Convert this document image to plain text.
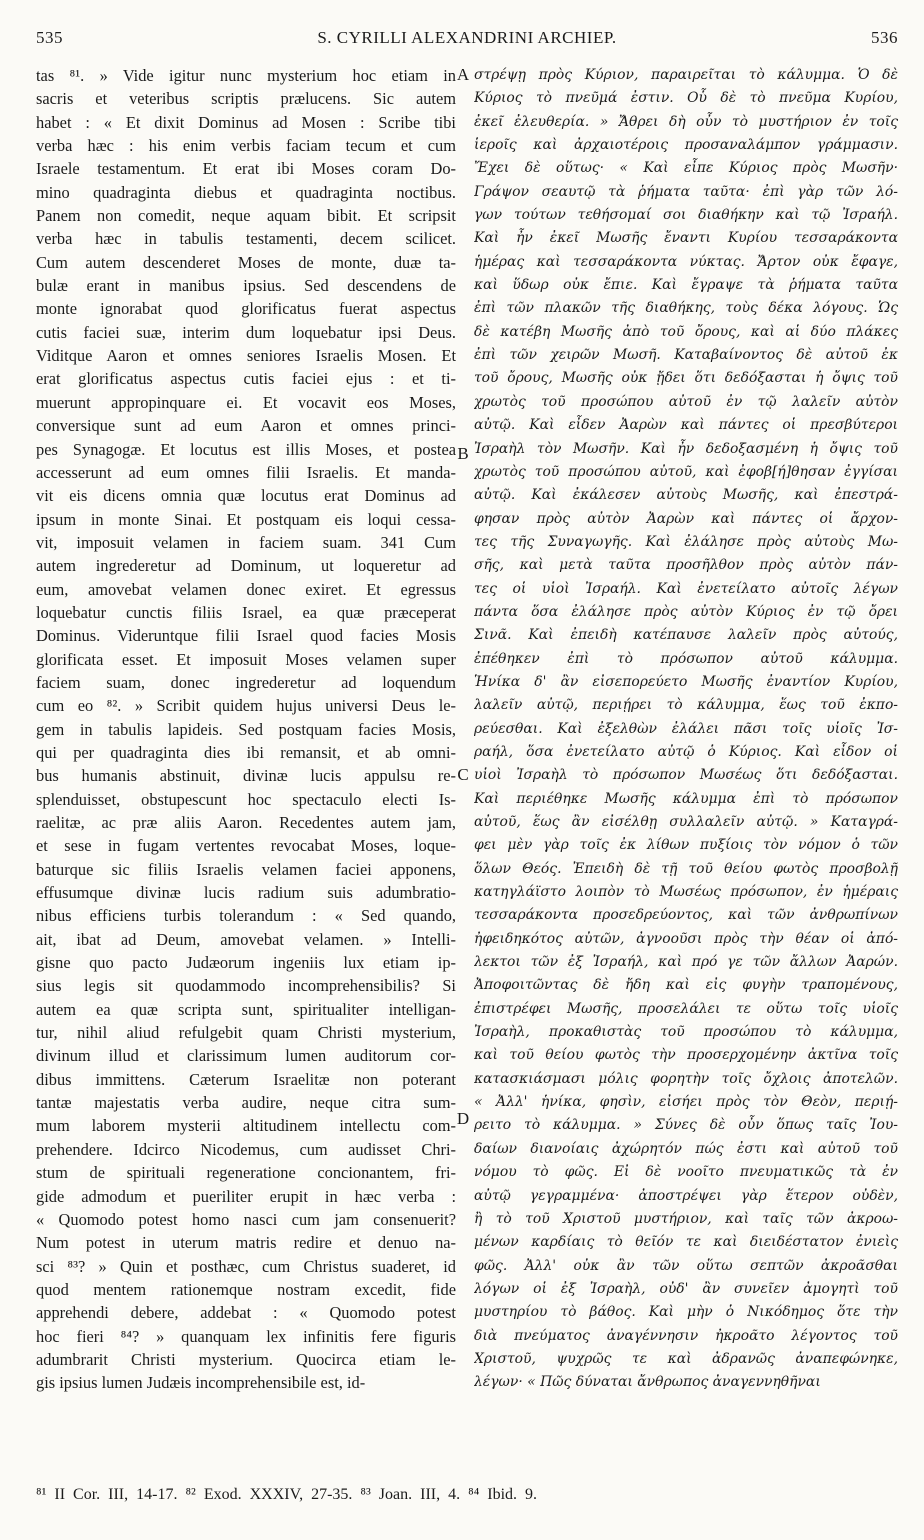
535	S. CYRILLI ALEXANDRINI ARCHIEP.	536
tas ⁸¹. » Vide igitur nunc mysterium hoc etiam in
sacris et veteribus scriptis prælucens. Sic autem
habet : « Et dixit Dominus ad Mosen : Scribe tibi
verba hæc : his enim verbis faciam tecum et cum
Israele testamentum. Et erat ibi Moses coram Do-
mino quadraginta diebus et quadraginta noctibus.
Panem non comedit, neque aquam bibit. Et scripsit
verba hæc in tabulis testamenti, decem scilicet.
Cum autem descenderet Moses de monte, duæ ta-
bulæ erant in manibus ipsius. Sed descendens de
monte ignorabat quod glorificatus fuerat aspectus
cutis faciei suæ, interim dum loquebatur ipsi Deus.
Viditque Aaron et omnes seniores Israelis Mosen. Et
erat glorificatus aspectus cutis faciei ejus : et ti-
muerunt appropinquare ei. Et vocavit eos Moses,
conversique sunt ad eum Aaron et omnes princi-
pes Synagogæ. Et locutus est illis Moses, et postea
accesserunt ad eum omnes filii Israelis. Et manda-
vit eis dicens omnia quæ locutus erat Dominus ad
ipsum in monte Sinai. Et postquam eis loqui cessa-
vit, imposuit velamen in faciem suam. 341 Cum
autem ingrederetur ad Dominum, ut loqueretur ad
eum, amovebat velamen donec exiret. Et egressus
loquebatur cunctis filiis Israel, ea quæ præceperat
Dominus. Videruntque filii Israel quod facies Mosis
glorificata esset. Et imposuit Moses velamen super
faciem suam, donec ingrederetur ad loquendum
cum eo ⁸². » Scribit quidem hujus universi Deus le-
gem in tabulis lapideis. Sed postquam facies Mosis,
qui per quadraginta dies ibi remansit, et ab omni-
bus humanis abstinuit, divinæ lucis appulsu re-
splenduisset, obstupescunt hoc spectaculo electi Is-
raelitæ, ac præ aliis Aaron. Recedentes autem jam,
et sese in fugam vertentes revocabat Moses, loque-
baturque sic filiis Israelis velamen faciei apponens,
effusumque divinæ lucis radium suis adumbratio-
nibus efficiens turbis tolerandum : « Sed quando,
ait, ibat ad Deum, amovebat velamen. » Intelli-
gisne quo pacto Judæorum ingeniis lux etiam ip-
sius legis sit quodammodo incomprehensibilis? Si
autem ea quæ scripta sunt, spiritualiter intelligan-
tur, nihil aliud refulgebit quam Christi mysterium,
divinum illud et clarissimum lumen auditorum cor-
dibus immittens. Cæterum Israelitæ non poterant
tantæ majestatis verba audire, neque citra sum-
mum laborem mysterii altitudinem intellectu com-
prehendere. Idcirco Nicodemus, cum audisset Chri-
stum de spirituali regeneratione concionantem, fri-
gide admodum et pueriliter erupit in hæc verba :
« Quomodo potest homo nasci cum jam consenuerit?
Num potest in uterum matris redire et denuo na-
sci ⁸³? » Quin et posthæc, cum Christus suaderet, id
quod mentem rationemque nostram excedit, fide
apprehendi debere, addebat : « Quomodo potest
hoc fieri ⁸⁴? » quanquam lex infinitis fere figuris
adumbrarit Christi mysterium. Quocirca etiam le-
gis ipsius lumen Judæis incomprehensibile est, id-
στρέψῃ πρὸς Κύριον, παραιρεῖται τὸ κάλυμμα. Ὁ δὲ
Κύριος τὸ πνεῦμά ἐστιν. Οὗ δὲ τὸ πνεῦμα Κυρίου,
ἐκεῖ ἐλευθερία. » Ἄθρει δὴ οὖν τὸ μυστήριον ἐν τοῖς
ἱεροῖς καὶ ἀρχαιοτέροις προσαναλάμπον γράμμασιν.
Ἔχει δὲ οὕτως· « Καὶ εἶπε Κύριος πρὸς Μωσῆν·
Γράψον σεαυτῷ τὰ ῥήματα ταῦτα· ἐπὶ γὰρ τῶν λό-
γων τούτων τεθήσομαί σοι διαθήκην καὶ τῷ Ἰσραήλ.
Καὶ ἦν ἐκεῖ Μωσῆς ἔναντι Κυρίου τεσσαράκοντα
ἡμέρας καὶ τεσσαράκοντα νύκτας. Ἄρτον οὐκ ἔφαγε,
καὶ ὕδωρ οὐκ ἔπιε. Καὶ ἔγραψε τὰ ῥήματα ταῦτα
ἐπὶ τῶν πλακῶν τῆς διαθήκης, τοὺς δέκα λόγους. Ὡς
δὲ κατέβη Μωσῆς ἀπὸ τοῦ ὄρους, καὶ αἱ δύο πλάκες
ἐπὶ τῶν χειρῶν Μωσῆ. Καταβαίνοντος δὲ αὐτοῦ ἐκ
τοῦ ὄρους, Μωσῆς οὐκ ᾔδει ὅτι δεδόξασται ἡ ὄψις τοῦ
χρωτὸς τοῦ προσώπου αὐτοῦ ἐν τῷ λαλεῖν αὐτὸν
αὐτῷ. Καὶ εἶδεν Ἀαρὼν καὶ πάντες οἱ πρεσβύτεροι
Ἰσραὴλ τὸν Μωσῆν. Καὶ ἦν δεδοξασμένη ἡ ὄψις τοῦ
χρωτὸς τοῦ προσώπου αὐτοῦ, καὶ ἐφοβ[ή]θησαν ἐγγίσαι
αὐτῷ. Καὶ ἐκάλεσεν αὐτοὺς Μωσῆς, καὶ ἐπεστρά-
φησαν πρὸς αὐτὸν Ἀαρὼν καὶ πάντες οἱ ἄρχον-
τες τῆς Συναγωγῆς. Καὶ ἐλάλησε πρὸς αὐτοὺς Μω-
σῆς, καὶ μετὰ ταῦτα προσῆλθον πρὸς αὐτὸν πάν-
τες οἱ υἱοὶ Ἰσραήλ. Καὶ ἐνετείλατο αὐτοῖς λέγων
πάντα ὅσα ἐλάλησε πρὸς αὐτὸν Κύριος ἐν τῷ ὄρει
Σινᾶ. Καὶ ἐπειδὴ κατέπαυσε λαλεῖν πρὸς αὐτούς,
ἐπέθηκεν ἐπὶ τὸ πρόσωπον αὐτοῦ κάλυμμα.
Ἡνίκα δ' ἂν εἰσεπορεύετο Μωσῆς ἐναντίον Κυρίου,
λαλεῖν αὐτῷ, περιῄρει τὸ κάλυμμα, ἕως τοῦ ἐκπο-
ρεύεσθαι. Καὶ ἐξελθὼν ἐλάλει πᾶσι τοῖς υἱοῖς Ἰσ-
ραήλ, ὅσα ἐνετείλατο αὐτῷ ὁ Κύριος. Καὶ εἶδον οἱ
υἱοὶ Ἰσραὴλ τὸ πρόσωπον Μωσέως ὅτι δεδόξασται.
Καὶ περιέθηκε Μωσῆς κάλυμμα ἐπὶ τὸ πρόσωπον
αὐτοῦ, ἕως ἂν εἰσέλθῃ συλλαλεῖν αὐτῷ. » Καταγρά-
φει μὲν γὰρ τοῖς ἐκ λίθων πυξίοις τὸν νόμον ὁ τῶν
ὅλων Θεός. Ἐπειδὴ δὲ τῇ τοῦ θείου φωτὸς προσβολῇ
κατηγλάϊστο λοιπὸν τὸ Μωσέως πρόσωπον, ἐν ἡμέραις
τεσσαράκοντα προσεδρεύοντος, καὶ τῶν ἀνθρωπίνων
ἠφειδηκότος αὐτῶν, ἀγνοοῦσι πρὸς τὴν θέαν οἱ ἀπό-
λεκτοι τῶν ἐξ Ἰσραήλ, καὶ πρό γε τῶν ἄλλων Ἀαρών.
Ἀποφοιτῶντας δὲ ἤδη καὶ εἰς φυγὴν τραπομένους,
ἐπιστρέφει Μωσῆς, προσελάλει τε οὕτω τοῖς υἱοῖς
Ἰσραὴλ, προκαθιστὰς τοῦ προσώπου τὸ κάλυμμα,
καὶ τοῦ θείου φωτὸς τὴν προσερχομένην ἀκτῖνα τοῖς
κατασκιάσμασι μόλις φορητὴν τοῖς ὄχλοις ἀποτελῶν.
« Ἀλλ' ἡνίκα, φησὶν, εἰσήει πρὸς τὸν Θεὸν, περιῄ-
ρειτο τὸ κάλυμμα. » Σύνες δὲ οὖν ὅπως ταῖς Ἰου-
δαίων διανοίαις ἀχώρητόν πώς ἐστι καὶ αὐτοῦ τοῦ
νόμου τὸ φῶς. Εἰ δὲ νοοῖτο πνευματικῶς τὰ ἐν
αὐτῷ γεγραμμένα· ἀποστρέψει γὰρ ἕτερον οὐδὲν,
ἢ τὸ τοῦ Χριστοῦ μυστήριον, καὶ ταῖς τῶν ἀκροω-
μένων καρδίαις τὸ θεῖόν τε καὶ διειδέστατον ἐνιεὶς
φῶς. Ἀλλ' οὐκ ἂν τῶν οὕτω σεπτῶν ἀκροᾶσθαι
λόγων οἱ ἐξ Ἰσραὴλ, οὐδ' ἂν συνεῖεν ἀμογητὶ τοῦ
μυστηρίου τὸ βάθος. Καὶ μὴν ὁ Νικόδημος ὅτε τὴν
διὰ πνεύματος ἀναγέννησιν ἠκροᾶτο λέγοντος τοῦ
Χριστοῦ, ψυχρῶς τε καὶ ἀδρανῶς ἀναπεφώνηκε,
λέγων· « Πῶς δύναται ἄνθρωπος ἀναγεννηθῆναι
A
B
C
D
⁸¹ II Cor. III, 14-17. ⁸² Exod. XXXIV, 27-35. ⁸³ Joan. III, 4. ⁸⁴ Ibid. 9.
